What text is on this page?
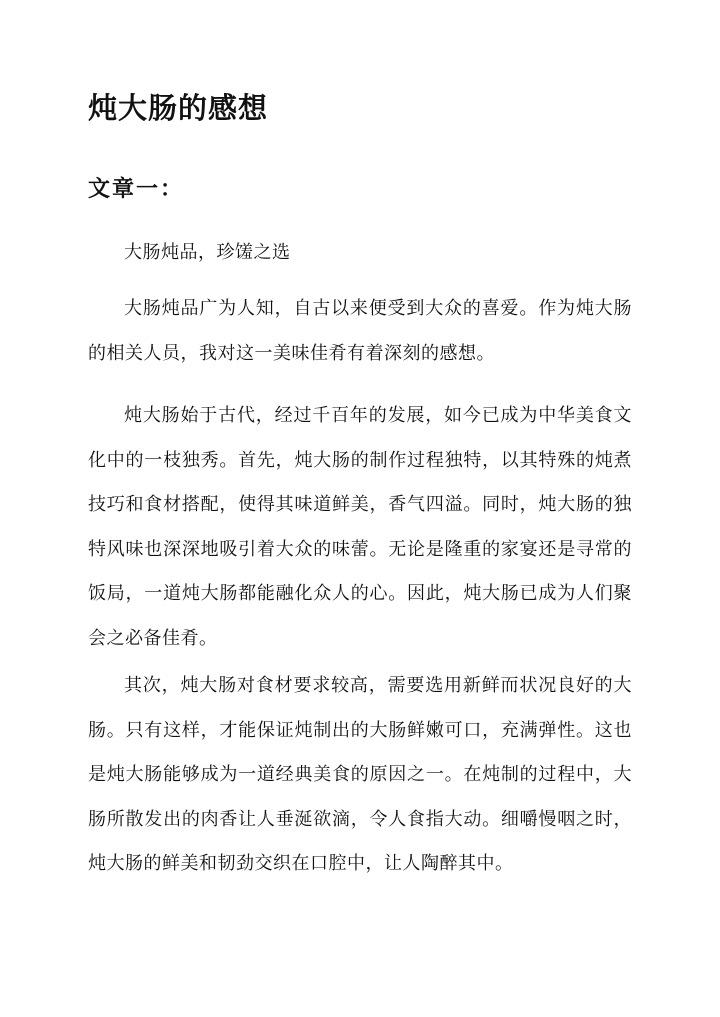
炖大肠的感想
文章一：

大肠炖品，珍馐之选

大肠炖品广为人知，自古以来便受到大众的喜爱。作为炖大肠的相关人员，我对这一美味佳肴有着深刻的感想。

炖大肠始于古代，经过千百年的发展，如今已成为中华美食文化中的一枝独秀。首先，炖大肠的制作过程独特，以其特殊的炖煮技巧和食材搭配，使得其味道鲜美，香气四溢。同时，炖大肠的独特风味也深深地吸引着大众的味蕾。无论是隆重的家宴还是寻常的饭局，一道炖大肠都能融化众人的心。因此，炖大肠已成为人们聚会之必备佳肴。

其次，炖大肠对食材要求较高，需要选用新鲜而状况良好的大肠。只有这样，才能保证炖制出的大肠鲜嫩可口，充满弹性。这也是炖大肠能够成为一道经典美食的原因之一。在炖制的过程中，大肠所散发出的肉香让人垂涎欲滴，令人食指大动。细嚼慢咽之时，炖大肠的鲜美和韧劲交织在口腔中，让人陶醉其中。
